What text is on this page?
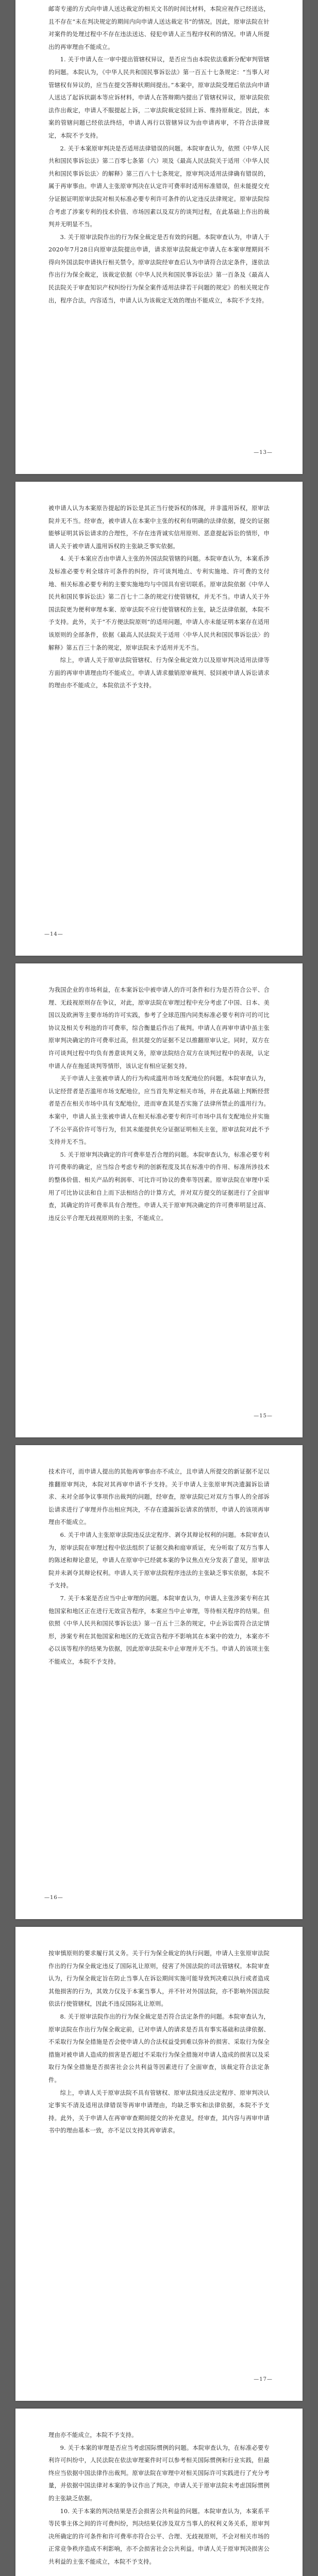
邮寄专递的方式向申请人送达裁定的相关文书的时间比材料，本院应视作已经送达，且不存在“未在判决规定的期间内向申请人送达裁定书”的情况。因此，原审法院在针对案件的处理过程中不存在违法送达、侵犯申请人正当程序权利的情况。申请人所提出的再审理由不能成立。

1. 关于申请人在一审中提出管辖权异议，是否应当由本院依法重新分配审判管辖的问题。本院认为，《中华人民共和国民事诉讼法》第一百五十七条规定：“当事人对管辖权有异议的，应当在提交答辩状期间提出。”本案中，原审法院受理后依法向申请人送达了起诉状副本等应诉材料，申请人在答辩期内提出了管辖权异议，原审法院依法作出裁定，申请人不服提起上诉，二审法院裁定驳回上诉、维持原裁定。因此，本案的管辖问题已经依法终结，申请人再行以管辖异议为由申请再审，不符合法律规定，本院不予支持。

2. 关于本案原审判决是否适用法律错误的问题。本院审查认为，依照《中华人民共和国民事诉讼法》第二百零七条第（六）项及《最高人民法院关于适用〈中华人民共和国民事诉讼法〉的解释》第三百八十七条规定，原审判决适用法律确有错误的，属于再审事由。申请人主张原审判决在认定许可费率时适用标准错误，但未能提交充分证据证明原审法院对相关标准必要专利许可条件的认定违反法律规定。原审法院综合考虑了涉案专利的技术价值、市场因素以及双方的谈判过程，在此基础上作出的裁判并无明显不当。

3. 关于原审法院作出的行为保全裁定是否有效的问题。本院审查认为，申请人于2020年7月28日向原审法院提出申请，请求原审法院裁定申请人在本案审理期间不得向外国法院申请执行相关禁令。原审法院经审查后认为申请符合法定条件，遂依法作出行为保全裁定，该裁定依据《中华人民共和国民事诉讼法》第一百条及《最高人民法院关于审查知识产权纠纷行为保全案件适用法律若干问题的规定》的相关规定作出，程序合法，内容适当，申请人认为该裁定无效的理由不能成立，本院不予支持。

—13—

被申请人认为本案原告提起的诉讼是其正当行使诉权的体现，并非滥用诉权，原审法院并无不当。经审查，被申请人在本案中主张的权利有明确的法律依据，提交的证据能够证明其诉讼请求的合理性，不存在违背诚实信用原则、恶意提起诉讼的情形，申请人关于被申请人滥用诉权的主张缺乏事实依据。

4. 关于本案应否由申请人主张的外国法院管辖的问题。本院审查认为，本案系涉及标准必要专利全球许可条件的纠纷，许可谈判地点、专利实施地、许可费的支付地、相关标准必要专利的主要实施地均与中国具有密切联系。原审法院依据《中华人民共和国民事诉讼法》第二百七十二条的规定行使管辖权，并无不当。申请人关于外国法院更为便利审理本案、原审法院不应行使管辖权的主张，缺乏法律依据，本院不予支持。此外，关于“不方便法院原则”的适用问题，申请人亦未能证明本案存在适用该原则的全部条件，依据《最高人民法院关于适用〈中华人民共和国民事诉讼法〉的解释》第五百三十条的规定，原审法院未予适用并无不当。

综上，申请人关于原审法院管辖权、行为保全裁定效力以及原审判决适用法律等方面的再审申请理由均不能成立。申请人请求撤销原审裁判、驳回被申请人诉讼请求的理由亦不能成立，本院依法不予支持。

—14—

为我国企业的市场利益，在本案诉讼中被申请人的许可条件和行为是否符合公平、合理、无歧视原则存在争议，对此，原审法院在审理过程中充分考虑了中国、日本、美国以及欧洲等主要市场的许可实践，参考了全球范围内同类标准必要专利许可的可比协议及相关专利池的许可费率，综合衡量后作出了裁判。申请人在再审申请中虽主张原审判决确定的许可费率过高，但其提交的证据不足以推翻原审认定。同时，双方在许可谈判过程中均负有善意谈判义务，原审法院结合双方在谈判过程中的表现，认定申请人存在拖延谈判等情形，该认定有相应证据支持。

关于申请人主张被申请人的行为构成滥用市场支配地位的问题。本院审查认为，认定经营者是否滥用市场支配地位，应当首先界定相关市场，并在此基础上判断经营者是否在相关市场中具有支配地位，进而审查其是否实施了法律所禁止的滥用行为。本案中，申请人虽主张被申请人在相关标准必要专利许可市场中具有支配地位并实施了不公平高价许可等行为，但其未能提供充分证据证明相关主张，原审法院对此不予支持并无不当。

5. 关于原审判决确定的许可费率是否合理的问题。本院审查认为，标准必要专利许可费率的确定，应当综合考虑专利的创新程度及其在标准中的作用、标准所涉技术的整体价值、相关产品的利润率、可比许可协议的费率等因素。原审法院在审理中采用了可比协议法和自上而下法相结合的计算方式，并对双方提交的证据进行了全面审查，其确定的许可费率具有合理性。申请人关于原审判决确定的许可费率明显过高、违反公平合理无歧视原则的主张，不能成立。

—15—

技术许可，而申请人提出的其他再审事由亦不成立，且申请人所提交的新证据不足以推翻原审判决，本院对其再审申请不予支持。关于申请人主张原审判决遗漏诉讼请求、未对全部争议事项作出裁判的问题，经审查，原审法院已对双方当事人的全部诉讼请求进行了审理并作出相应判决，不存在遗漏诉讼请求的情形，申请人的该项再审理由不能成立。

6. 关于申请人主张原审法院违反法定程序、剥夺其辩论权利的问题。本院审查认为，原审法院在审理过程中依法组织了证据交换和庭审质证，充分听取了双方当事人的陈述和辩论意见，申请人在原审中已经就本案的争议焦点充分发表了意见，原审法院并未剥夺其辩论权利。申请人关于原审法院程序违法的主张缺乏事实依据，本院不予支持。

7. 关于本案是否应当中止审理的问题。本院审查认为，申请人主张涉案专利在其他国家和地区正在进行无效宣告程序，本案应当中止审理，等待相关程序的结果。但依照《中华人民共和国民事诉讼法》第一百五十三条的规定，中止诉讼需符合法定情形，涉案专利在其他国家和地区的无效宣告程序不影响其在本案中的效力，本案亦不必以该等程序的结果为依据，因此原审法院未中止审理并无不当。申请人的该项主张不能成立，本院不予支持。

—16—

按审慎原则的要求履行其义务。关于行为保全裁定的执行问题，申请人主张原审法院作出的行为保全裁定违反了国际礼让原则，侵害了外国法院的司法管辖权。本院审查认为，行为保全裁定旨在防止当事人在诉讼期间实施可能导致判决难以执行或者造成其他损害的行为，其效力仅及于本案当事人，并不针对外国法院，亦不影响外国法院依法行使管辖权，因此不违反国际礼让原则。

8. 关于原审法院作出的行为保全裁定是否符合法定条件的问题。本院审查认为，原审法院在作出行为保全裁定前，已对申请人的请求是否具有事实基础和法律依据、不采取行为保全措施是否会使申请人的合法权益受到难以弥补的损害、采取行为保全措施对被申请人造成的损害是否超过不采取行为保全措施对申请人造成的损害以及采取行为保全措施是否损害社会公共利益等因素进行了全面审查，该裁定符合法定条件。

综上，申请人关于原审法院不具有管辖权、原审法院违反法定程序、原审判决认定事实不清及适用法律错误等再审申请理由，均缺乏事实和法律依据，本院不予支持。此外，关于申请人在再审审查期间提交的补充意见，经审查，其内容与再审申请书中的理由基本一致，亦不足以支持其再审请求。

—17—

理由亦不能成立，本院不予支持。

9. 关于本案的审理是否应当考虑国际惯例的问题。本院审查认为，在标准必要专利许可纠纷中，人民法院在依法审理案件时可以参考相关国际惯例和行业实践，但最终应当依据中国法律作出裁判。原审法院在审理中对相关国际许可实践进行了充分考量，并依据中国法律对本案的争议作出了判决，申请人关于原审法院未考虑国际惯例的主张缺乏依据。

10. 关于本案的判决结果是否会损害公共利益的问题。本院审查认为，本案系平等民事主体之间的许可费纠纷，判决结果仅涉及双方当事人的权利义务关系，原审判决所确定的许可条件和许可费率亦符合公平、合理、无歧视原则，不会对相关市场的正常竞争秩序造成不利影响，亦不会损害社会公共利益。申请人关于原审判决损害公共利益的主张不能成立，本院不予支持。
